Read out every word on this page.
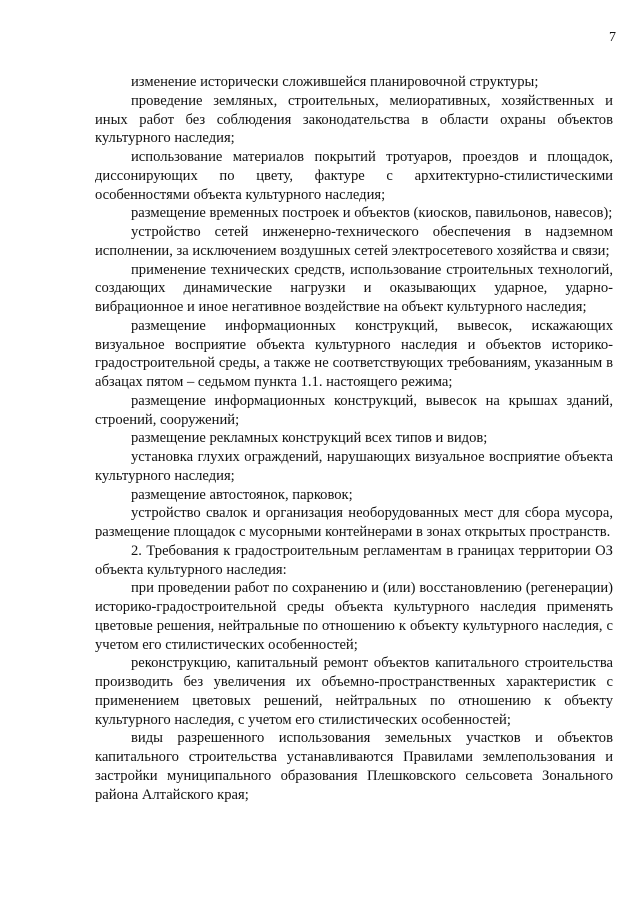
7

изменение исторически сложившейся планировочной структуры;

проведение земляных, строительных, мелиоративных, хозяйственных и иных работ без соблюдения законодательства в области охраны объектов культурного наследия;

использование материалов покрытий тротуаров, проездов и площадок, диссонирующих по цвету, фактуре с архитектурно-стилистическими особенностями объекта культурного наследия;

размещение временных построек и объектов (киосков, павильонов, навесов);

устройство сетей инженерно-технического обеспечения в надземном исполнении, за исключением воздушных сетей электросетевого хозяйства и связи;

применение технических средств, использование строительных технологий, создающих динамические нагрузки и оказывающих ударное, ударно-вибрационное и иное негативное воздействие на объект культурного наследия;

размещение информационных конструкций, вывесок, искажающих визуальное восприятие объекта культурного наследия и объектов историко-градостроительной среды, а также не соответствующих требованиям, указанным в абзацах пятом – седьмом пункта 1.1. настоящего режима;

размещение информационных конструкций, вывесок на крышах зданий, строений, сооружений;

размещение рекламных конструкций всех типов и видов;

установка глухих ограждений, нарушающих визуальное восприятие объекта культурного наследия;

размещение автостоянок, парковок;

устройство свалок и организация необорудованных мест для сбора мусора, размещение площадок с мусорными контейнерами в зонах открытых пространств.

2. Требования к градостроительным регламентам в границах территории ОЗ объекта культурного наследия:

при проведении работ по сохранению и (или) восстановлению (регенерации) историко-градостроительной среды объекта культурного наследия применять цветовые решения, нейтральные по отношению к объекту культурного наследия, с учетом его стилистических особенностей;

реконструкцию, капитальный ремонт объектов капитального строительства производить без увеличения их объемно-пространственных характеристик с применением цветовых решений, нейтральных по отношению к объекту культурного наследия, с учетом его стилистических особенностей;

виды разрешенного использования земельных участков и объектов капитального строительства устанавливаются Правилами землепользования и застройки муниципального образования Плешковского сельсовета Зонального района Алтайского края;
